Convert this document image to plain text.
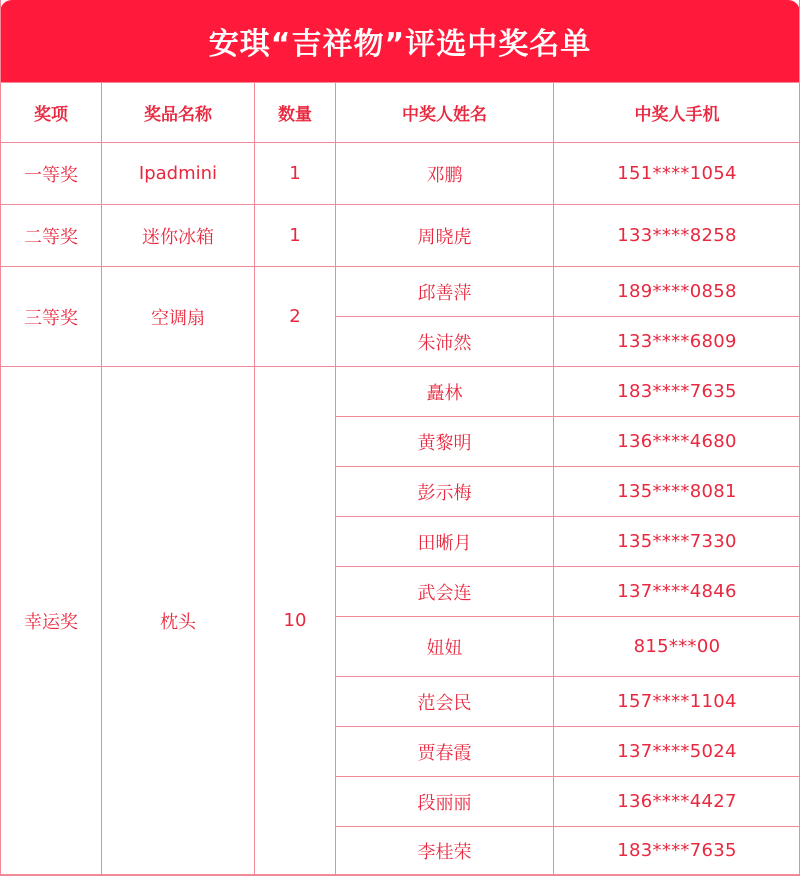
安琪“吉祥物”评选中奖名单
奖项	奖品名称	数量	中奖人姓名	中奖人手机
一等奖	Ipadmini	1	邓鹏	151****1054
二等奖	迷你冰箱	1	周晓虎	133****8258
三等奖	空调扇	2	邱善萍	189****0858
			朱沛然	133****6809
幸运奖	枕头	10	矗林	183****7635
			黄黎明	136****4680
			彭示梅	135****8081
			田晰月	135****7330
			武会连	137****4846
			妞妞	815***00
			范会民	157****1104
			贾春霞	137****5024
			段丽丽	136****4427
			李桂荣	183****7635
